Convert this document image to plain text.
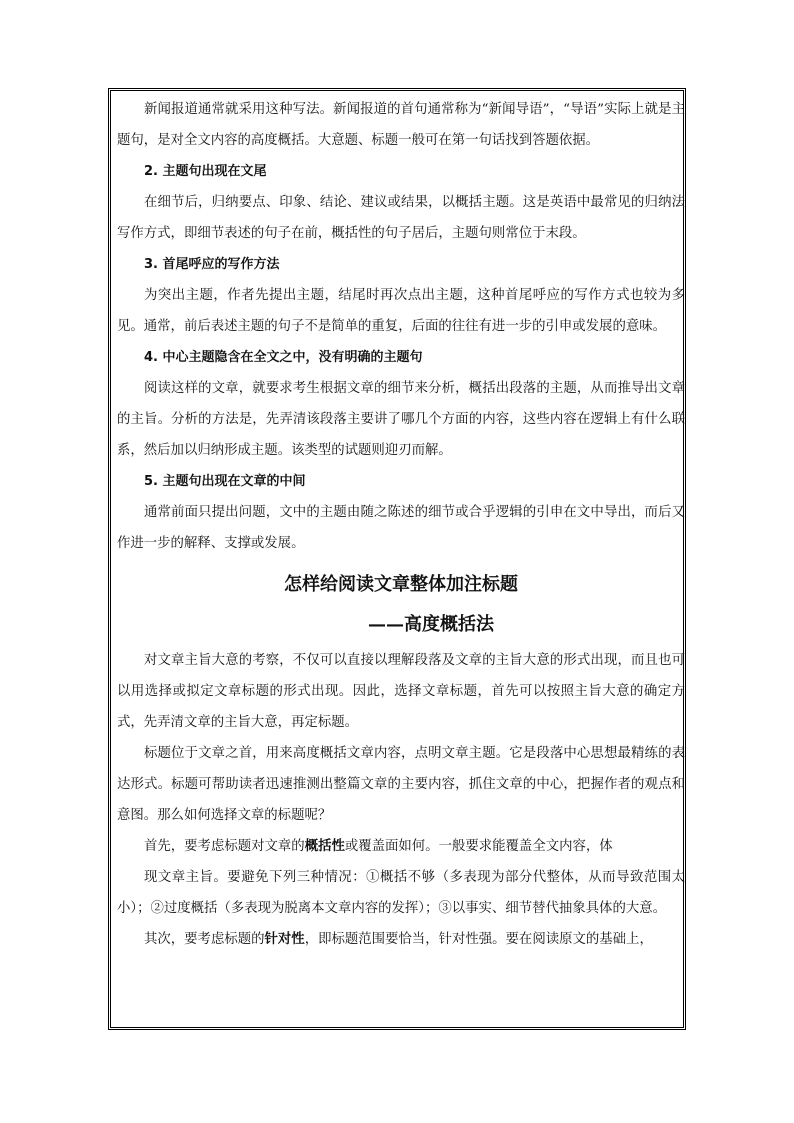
新闻报道通常就采用这种写法。新闻报道的首句通常称为“新闻导语”，“导语”实际上就是主题句，是对全文内容的高度概括。大意题、标题一般可在第一句话找到答题依据。

2. 主题句出现在文尾

在细节后，归纳要点、印象、结论、建议或结果，以概括主题。这是英语中最常见的归纳法写作方式，即细节表述的句子在前，概括性的句子居后，主题句则常位于末段。

3. 首尾呼应的写作方法

为突出主题，作者先提出主题，结尾时再次点出主题，这种首尾呼应的写作方式也较为多见。通常，前后表述主题的句子不是简单的重复，后面的往往有进一步的引申或发展的意味。

4. 中心主题隐含在全文之中，没有明确的主题句

阅读这样的文章，就要求考生根据文章的细节来分析，概括出段落的主题，从而推导出文章的主旨。分析的方法是，先弄清该段落主要讲了哪几个方面的内容，这些内容在逻辑上有什么联系，然后加以归纳形成主题。该类型的试题则迎刃而解。

5. 主题句出现在文章的中间

通常前面只提出问题，文中的主题由随之陈述的细节或合乎逻辑的引申在文中导出，而后又作进一步的解释、支撑或发展。

怎样给阅读文章整体加注标题

——高度概括法

对文章主旨大意的考察，不仅可以直接以理解段落及文章的主旨大意的形式出现，而且也可以用选择或拟定文章标题的形式出现。因此，选择文章标题，首先可以按照主旨大意的确定方式，先弄清文章的主旨大意，再定标题。

标题位于文章之首，用来高度概括文章内容，点明文章主题。它是段落中心思想最精练的表达形式。标题可帮助读者迅速推测出整篇文章的主要内容，抓住文章的中心，把握作者的观点和意图。那么如何选择文章的标题呢？

首先，要考虑标题对文章的概括性或覆盖面如何。一般要求能覆盖全文内容，体

现文章主旨。要避免下列三种情况：①概括不够（多表现为部分代整体，从而导致范围太小）；②过度概括（多表现为脱离本文章内容的发挥）；③以事实、细节替代抽象具体的大意。

其次，要考虑标题的针对性，即标题范围要恰当，针对性强。要在阅读原文的基础上，
